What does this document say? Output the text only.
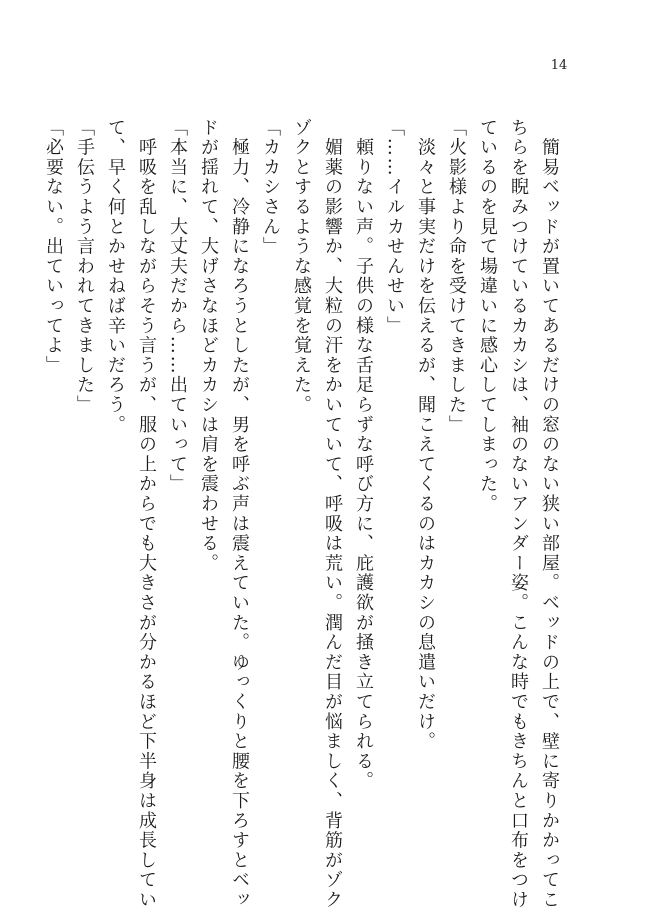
14
　簡易ベッドが置いてあるだけの窓のない狭い部屋。ベッドの上で、壁に寄りかかってこ
ちらを睨みつけているカカシは、袖のないアンダー姿。こんな時でもきちんと口布をつけ
ているのを見て場違いに感心してしまった。
「火影様より命を受けてきました」
　淡々と事実だけを伝えるが、聞こえてくるのはカカシの息遣いだけ。
「……イルカせんせい」
　頼りない声。子供の様な舌足らずな呼び方に、庇護欲が掻き立てられる。
　媚薬の影響か、大粒の汗をかいていて、呼吸は荒い。潤んだ目が悩ましく、背筋がゾク
ゾクとするような感覚を覚えた。
「カカシさん」
　極力、冷静になろうとしたが、男を呼ぶ声は震えていた。ゆっくりと腰を下ろすとベッ
ドが揺れて、大げさなほどカカシは肩を震わせる。
「本当に、大丈夫だから……出ていって」
　呼吸を乱しながらそう言うが、服の上からでも大きさが分かるほど下半身は成長してい
て、早く何とかせねば辛いだろう。
「手伝うよう言われてきました」
「必要ない。出ていってよ」
